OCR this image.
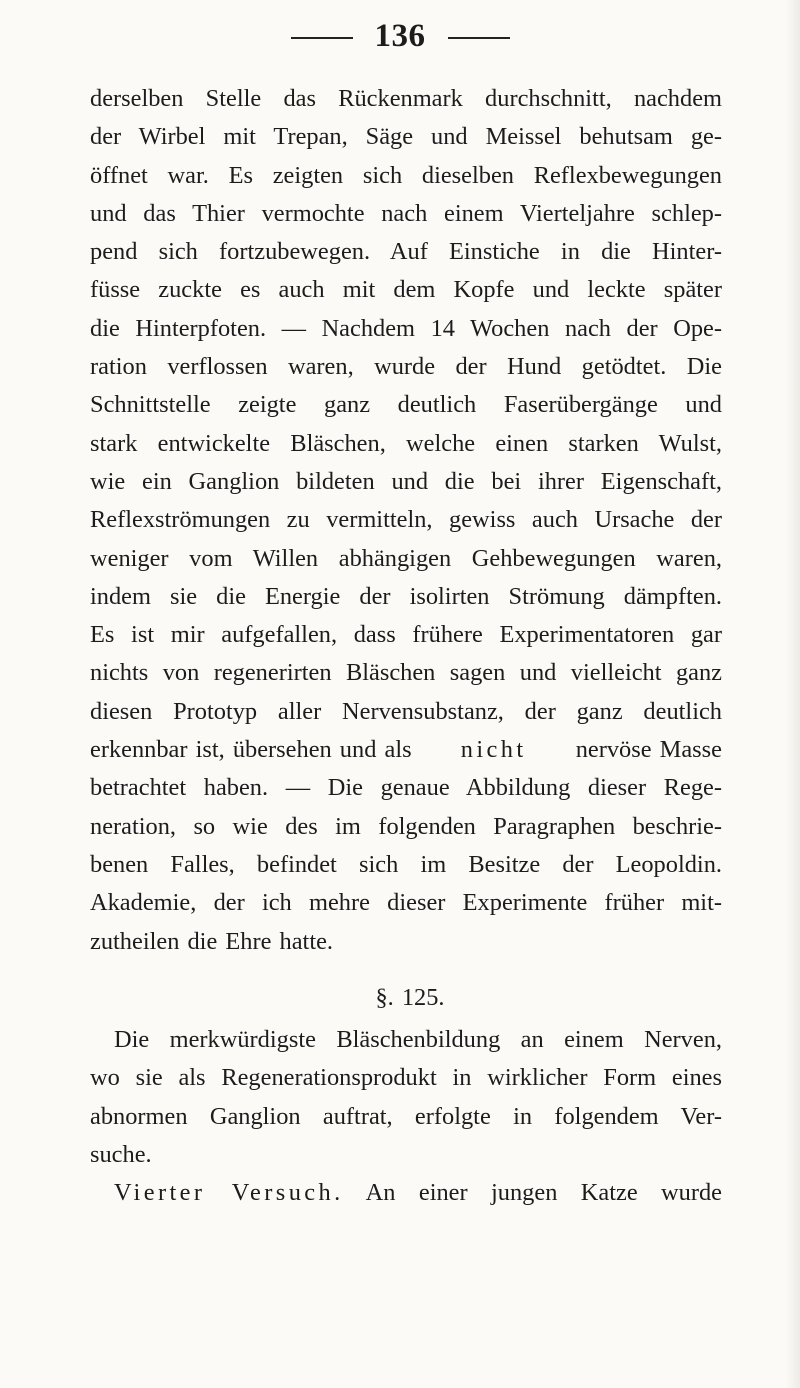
136
derselben Stelle das Rückenmark durchschnitt, nachdem
der Wirbel mit Trepan, Säge und Meissel behutsam ge-
öffnet war. Es zeigten sich dieselben Reflexbewegungen
und das Thier vermochte nach einem Vierteljahre schlep-
pend sich fortzubewegen. Auf Einstiche in die Hinter-
füsse zuckte es auch mit dem Kopfe und leckte später
die Hinterpfoten. — Nachdem 14 Wochen nach der Ope-
ration verflossen waren, wurde der Hund getödtet. Die
Schnittstelle zeigte ganz deutlich Faserübergänge und
stark entwickelte Bläschen, welche einen starken Wulst,
wie ein Ganglion bildeten und die bei ihrer Eigenschaft,
Reflexströmungen zu vermitteln, gewiss auch Ursache der
weniger vom Willen abhängigen Gehbewegungen waren,
indem sie die Energie der isolirten Strömung dämpften.
Es ist mir aufgefallen, dass frühere Experimentatoren gar
nichts von regenerirten Bläschen sagen und vielleicht ganz
diesen Prototyp aller Nervensubstanz, der ganz deutlich
erkennbar ist, übersehen und als nicht nervöse Masse
betrachtet haben. — Die genaue Abbildung dieser Rege-
neration, so wie des im folgenden Paragraphen beschrie-
benen Falles, befindet sich im Besitze der Leopoldin.
Akademie, der ich mehre dieser Experimente früher mit-
zutheilen die Ehre hatte.
§. 125.
Die merkwürdigste Bläschenbildung an einem Nerven,
wo sie als Regenerationsprodukt in wirklicher Form eines
abnormen Ganglion auftrat, erfolgte in folgendem Ver-
suche.
Vierter Versuch. An einer jungen Katze wurde
